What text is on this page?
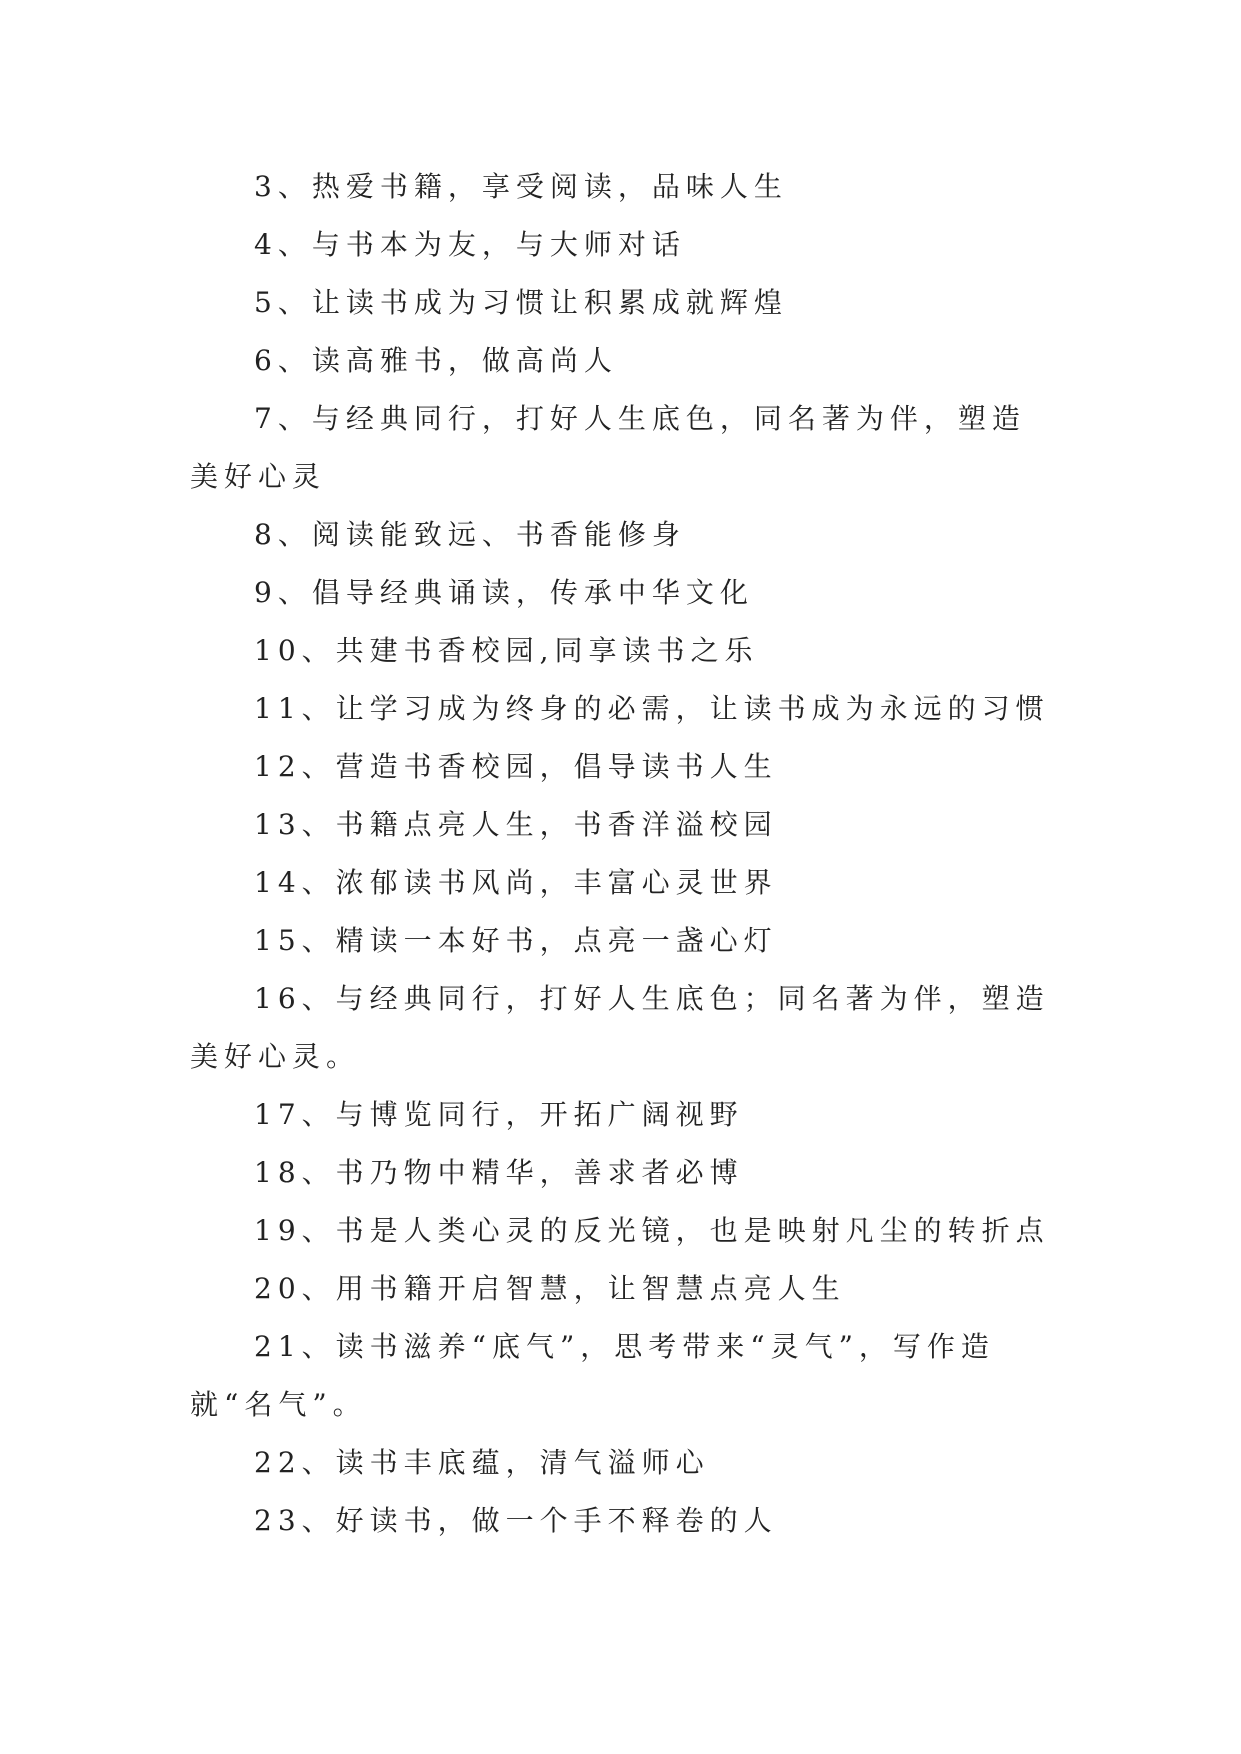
3、热爱书籍，享受阅读，品味人生
4、与书本为友，与大师对话
5、让读书成为习惯让积累成就辉煌
6、读高雅书，做高尚人
7、与经典同行，打好人生底色，同名著为伴，塑造美好心灵
8、阅读能致远、书香能修身
9、倡导经典诵读，传承中华文化
10、共建书香校园,同享读书之乐
11、让学习成为终身的必需，让读书成为永远的习惯
12、营造书香校园，倡导读书人生
13、书籍点亮人生，书香洋溢校园
14、浓郁读书风尚，丰富心灵世界
15、精读一本好书，点亮一盏心灯
16、与经典同行，打好人生底色；同名著为伴，塑造美好心灵。
17、与博览同行，开拓广阔视野
18、书乃物中精华，善求者必博
19、书是人类心灵的反光镜，也是映射凡尘的转折点
20、用书籍开启智慧，让智慧点亮人生
21、读书滋养“底气”，思考带来“灵气”，写作造就“名气”。
22、读书丰底蕴，清气溢师心
23、好读书，做一个手不释卷的人
